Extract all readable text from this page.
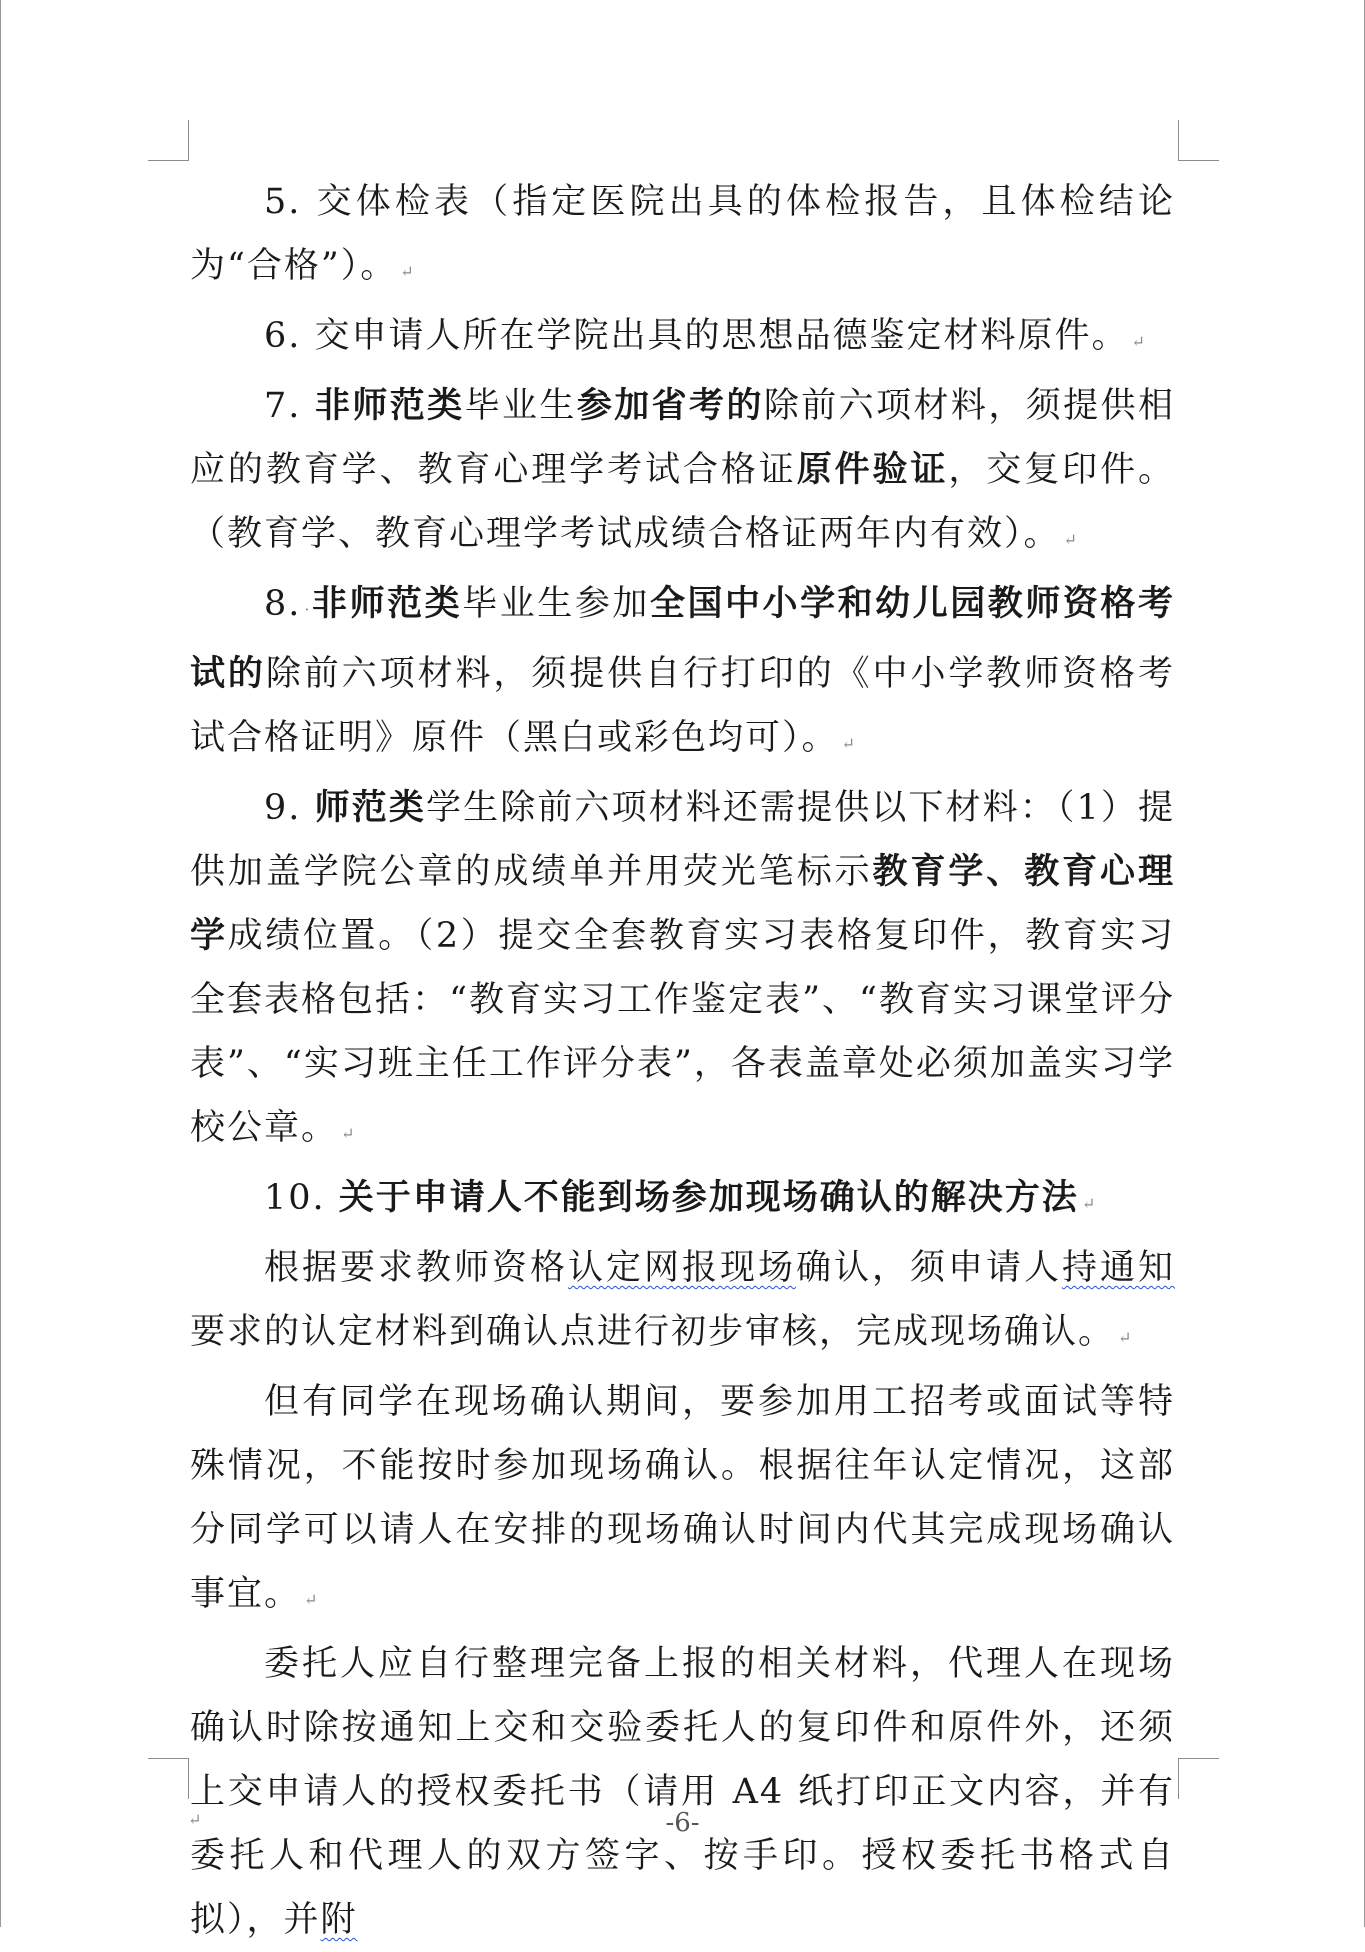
5. 交体检表（指定医院出具的体检报告，且体检结论为“合格”）。 ↵

6. 交申请人所在学院出具的思想品德鉴定材料原件。 ↵

7. 非师范类毕业生参加省考的除前六项材料，须提供相应的教育学、教育心理学考试合格证原件验证，交复印件。（教育学、教育心理学考试成绩合格证两年内有效）。 ↵

8. ·非师范类毕业生参加全国中小学和幼儿园教师资格考试的除前六项材料，须提供自行打印的《中小学教师资格考试合格证明》原件（黑白或彩色均可）。 ↵

9. 师范类学生除前六项材料还需提供以下材料：（1）提供加盖学院公章的成绩单并用荧光笔标示教育学、教育心理学成绩位置。（2）提交全套教育实习表格复印件，教育实习全套表格包括：“教育实习工作鉴定表”、“教育实习课堂评分表”、“实习班主任工作评分表”，各表盖章处必须加盖实习学校公章。 ↵

10. 关于申请人不能到场参加现场确认的解决方法 ↵

根据要求教师资格认定网报现场确认，须申请人持通知要求的认定材料到确认点进行初步审核，完成现场确认。 ↵

但有同学在现场确认期间，要参加用工招考或面试等特殊情况，不能按时参加现场确认。根据往年认定情况，这部分同学可以请人在安排的现场确认时间内代其完成现场确认事宜。 ↵

委托人应自行整理完备上报的相关材料，代理人在现场确认时除按通知上交和交验委托人的复印件和原件外，还须上交申请人的授权委托书（请用 A4 纸打印正文内容，并有委托人和代理人的双方签字、按手印。授权委托书格式自拟），并附

↵	-6-
